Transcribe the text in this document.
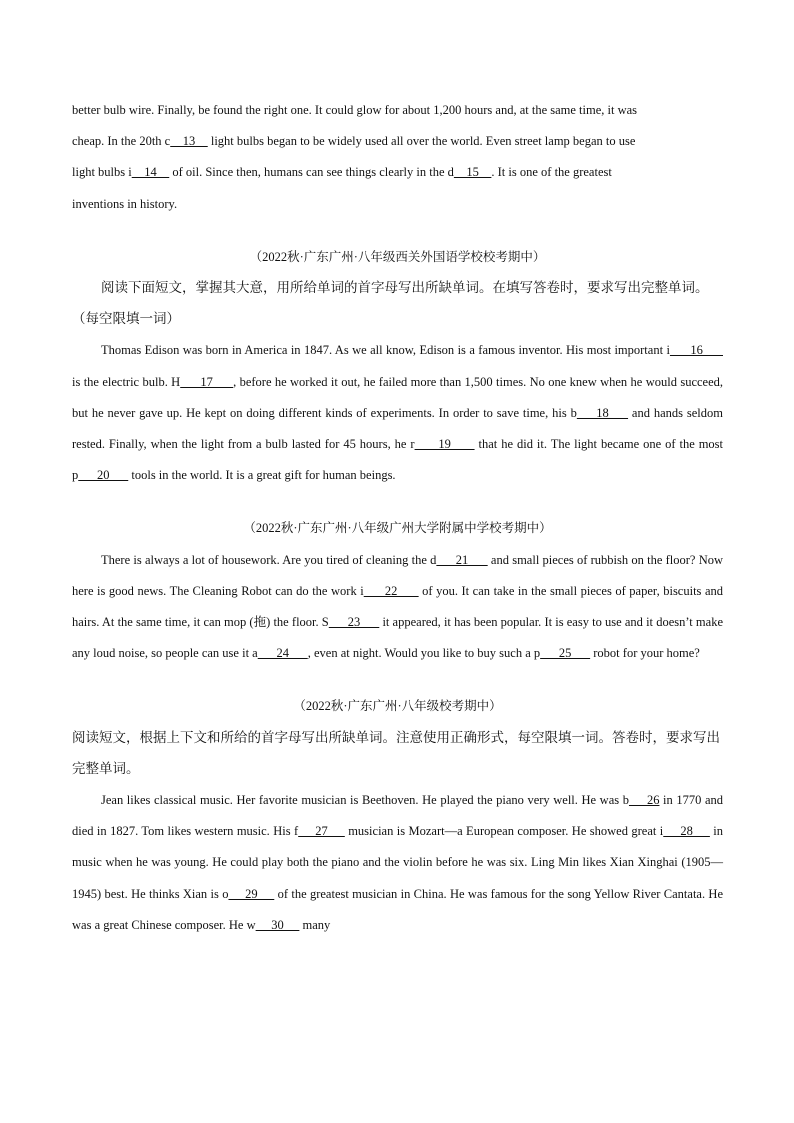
better bulb wire. Finally, be found the right one. It could glow for about 1,200 hours and, at the same time, it was

cheap. In the 20th c    13     light bulbs began to be widely used all over the world. Even street lamp began to use

light bulbs i    14     of oil. Since then, humans can see things clearly in the d    15    . It is one of the greatest

inventions in history.

（2022秋·广东广州·八年级西关外国语学校校考期中）

阅读下面短文，掌握其大意，用所给单词的首字母写出所缺单词。在填写答卷时，要求写出完整单词。（每空限填一词）

Thomas Edison was born in America in 1847. As we all know, Edison is a famous inventor. His most important i      16       is the electric bulb. H      17      , before he worked it out, he failed more than 1,500 times. No one knew when he would succeed, but he never gave up. He kept on doing different kinds of experiments. In order to save time, his b     18      and hands seldom rested. Finally, when the light from a bulb lasted for 45 hours, he r      19       that he did it. The light became one of the most p      20       tools in the world. It is a great gift for human beings.

（2022秋·广东广州·八年级广州大学附属中学校考期中）

There is always a lot of housework. Are you tired of cleaning the d      21       and small pieces of rubbish on the floor? Now here is good news. The Cleaning Robot can do the work i      22       of you. It can take in the small pieces of paper, biscuits and hairs. At the same time, it can mop (拖) the floor. S      23       it appeared, it has been popular. It is easy to use and it doesn’t make any loud noise, so people can use it a      24      , even at night. Would you like to buy such a p      25       robot for your home?

（2022秋·广东广州·八年级校考期中）

阅读短文，根据上下文和所给的首字母写出所缺单词。注意使用正确形式，每空限填一词。答卷时，要求写出完整单词。

Jean likes classical music. Her favorite musician is Beethoven. He played the piano very well. He was b     26 in 1770 and died in 1827. Tom likes western music. His f     27      musician is Mozart—a European composer. He showed great i     28      in music when he was young. He could play both the piano and the violin before he was six. Ling Min likes Xian Xinghai (1905—1945) best. He thinks Xian is o     29      of the greatest musician in China. He was famous for the song Yellow River Cantata. He was a great Chinese composer. He w     30      many
